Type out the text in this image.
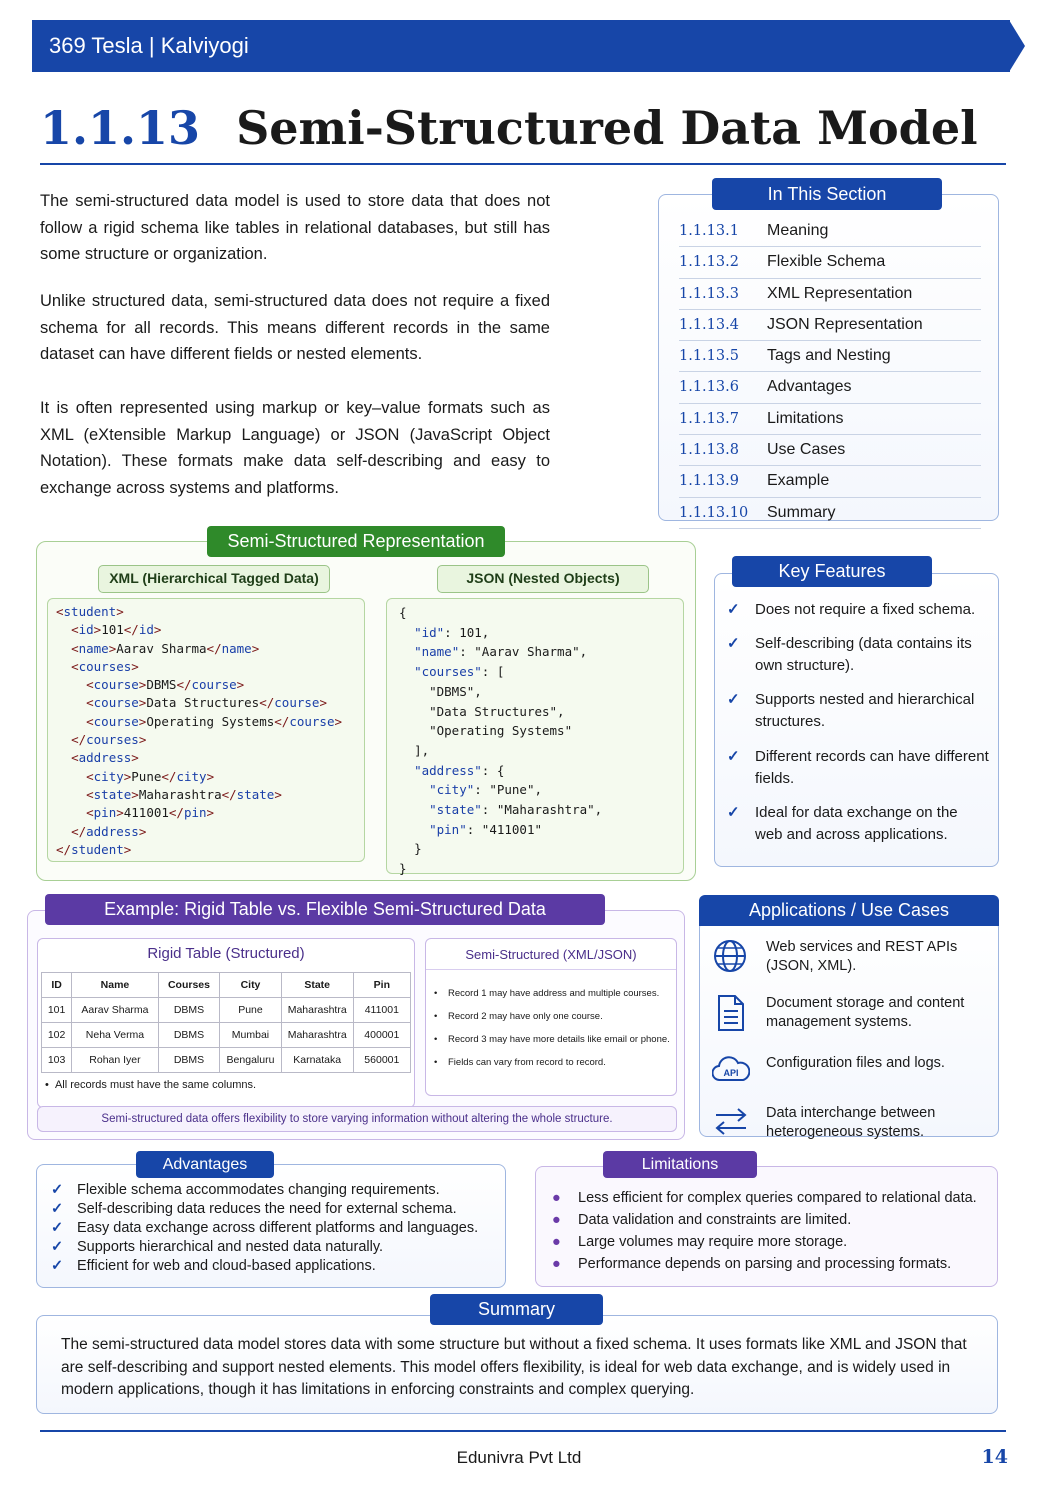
369 Tesla | Kalviyogi
1.1.13 Semi-Structured Data Model

The semi-structured data model is used to store data that does not follow a rigid schema like tables in relational databases, but still has some structure or organization.

Unlike structured data, semi-structured data does not require a fixed schema for all records. This means different records in the same dataset can have different fields or nested elements.

It is often represented using markup or key–value formats such as XML (eXtensible Markup Language) or JSON (JavaScript Object Notation). These formats make data self-describing and easy to exchange across systems and platforms.

1.1.13.1	Meaning
1.1.13.2	Flexible Schema
1.1.13.3	XML Representation
1.1.13.4	JSON Representation
1.1.13.5	Tags and Nesting
1.1.13.6	Advantages
1.1.13.7	Limitations
1.1.13.8	Use Cases
1.1.13.9	Example
1.1.13.10	Summary
In This Section
XML (Hierarchical Tagged Data)	JSON (Nested Objects)
<student>
<id>101</id>
<name>Aarav Sharma</name>
<courses>
<course>DBMS</course>
<course>Data Structures</course>
<course>Operating Systems</course>
</courses>
<address>
<city>Pune</city>
<state>Maharashtra</state>
<pin>411001</pin>
</address>
</student>
{
"id": 101,
"name": "Aarav Sharma",
"courses": [
"DBMS",
"Data Structures",
"Operating Systems"
],
"address": {
"city": "Pune",
"state": "Maharashtra",
"pin": "411001"
}
}
Semi-Structured Representation
✓	Does not require a fixed schema.
✓	Self-describing (data contains its own structure).
✓	Supports nested and hierarchical structures.
✓	Different records can have different fields.
✓	Ideal for data exchange on the web and across applications.
Key Features
Rigid Table (Structured)
ID	Name	Courses	City	State	Pin
101	Aarav Sharma	DBMS	Pune	Maharashtra	411001
102	Neha Verma	DBMS	Mumbai	Maharashtra	400001
103	Rohan Iyer	DBMS	Bengaluru	Karnataka	560001
•  All records must have the same columns.
Semi-Structured (XML/JSON)
•	Record 1 may have address and multiple courses.
•	Record 2 may have only one course.
•	Record 3 may have more details like email or phone.
•	Fields can vary from record to record.
Semi-structured data offers flexibility to store varying information without altering the whole structure.
Example: Rigid Table vs. Flexible Semi-Structured Data
Web services and REST APIs (JSON, XML).
Document storage and content management systems.
API
Configuration files and logs.
Data interchange between heterogeneous systems.
Applications / Use Cases
✓ Flexible schema accommodates changing requirements.
✓ Self-describing data reduces the need for external schema.
✓ Easy data exchange across different platforms and languages.
✓ Supports hierarchical and nested data naturally.
✓ Efficient for web and cloud-based applications.
Advantages
●	Less efficient for complex queries compared to relational data.
●	Data validation and constraints are limited.
●	Large volumes may require more storage.
●	Performance depends on parsing and processing formats.
Limitations
The semi-structured data model stores data with some structure but without a fixed schema. It uses formats like XML and JSON that are self-describing and support nested elements. This model offers flexibility, is ideal for web data exchange, and is widely used in modern applications, though it has limitations in enforcing constraints and complex querying.
Summary
Edunivra Pvt Ltd	14
